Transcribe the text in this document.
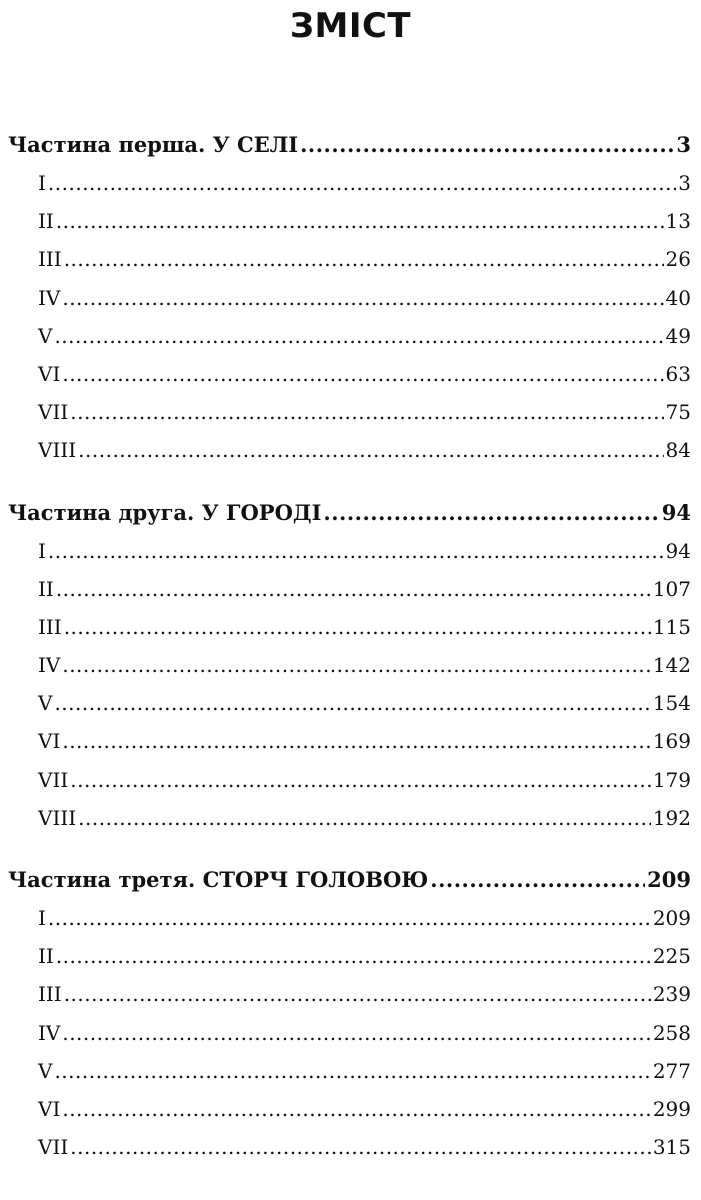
ЗМІСТ
Частина перша. У СЕЛІ .....	3
I .....	3
II .....	13
III .....	26
IV .....	40
V .....	49
VI .....	63
VII .....	75
VIII .....	84
Частина друга. У ГОРОДІ .....	94
I .....	94
II .....	107
III .....	115
IV .....	142
V .....	154
VI .....	169
VII .....	179
VIII .....	192
Частина третя. СТОРЧ ГОЛОВОЮ .....	209
I .....	209
II .....	225
III .....	239
IV .....	258
V .....	277
VI .....	299
VII .....	315
